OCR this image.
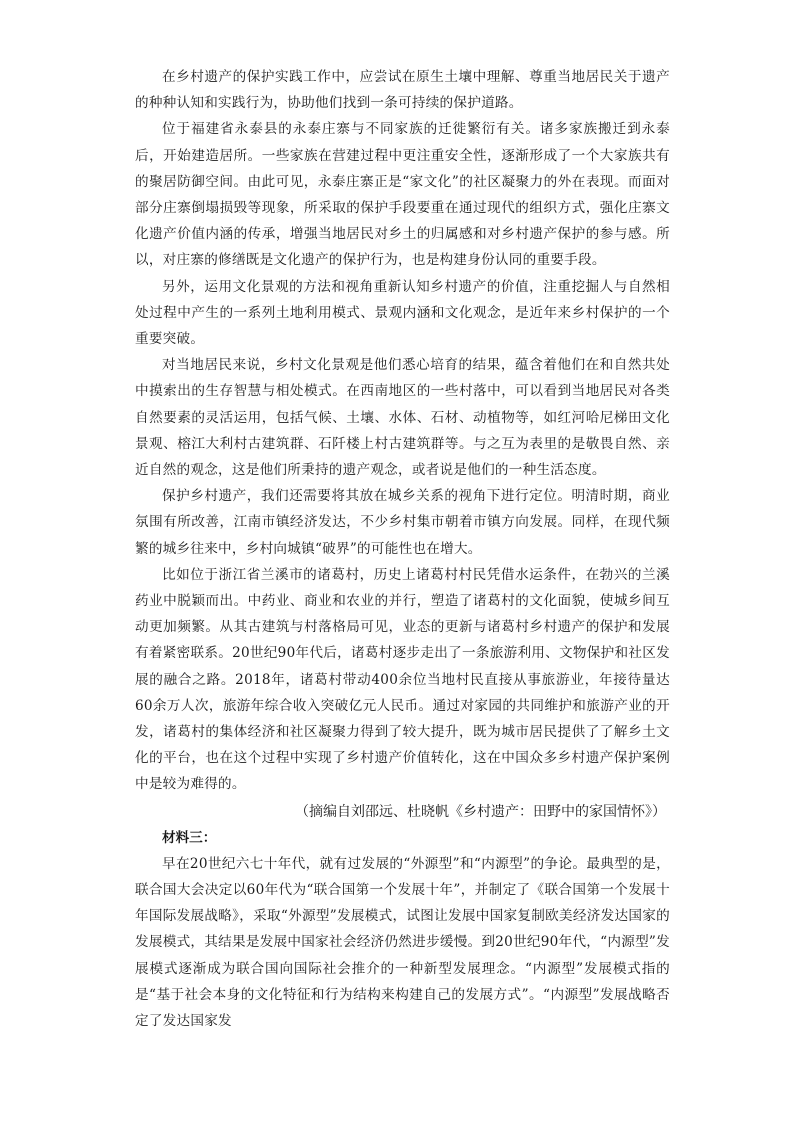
在乡村遗产的保护实践工作中，应尝试在原生土壤中理解、尊重当地居民关于遗产的种种认知和实践行为，协助他们找到一条可持续的保护道路。

位于福建省永泰县的永泰庄寨与不同家族的迁徙繁衍有关。诸多家族搬迁到永泰后，开始建造居所。一些家族在营建过程中更注重安全性，逐渐形成了一个大家族共有的聚居防御空间。由此可见，永泰庄寨正是“家文化”的社区凝聚力的外在表现。而面对部分庄寨倒塌损毁等现象，所采取的保护手段要重在通过现代的组织方式，强化庄寨文化遗产价值内涵的传承，增强当地居民对乡土的归属感和对乡村遗产保护的参与感。所以，对庄寨的修缮既是文化遗产的保护行为，也是构建身份认同的重要手段。

另外，运用文化景观的方法和视角重新认知乡村遗产的价值，注重挖掘人与自然相处过程中产生的一系列土地利用模式、景观内涵和文化观念，是近年来乡村保护的一个重要突破。

对当地居民来说，乡村文化景观是他们悉心培育的结果，蕴含着他们在和自然共处中摸索出的生存智慧与相处模式。在西南地区的一些村落中，可以看到当地居民对各类自然要素的灵活运用，包括气候、土壤、水体、石材、动植物等，如红河哈尼梯田文化景观、榕江大利村古建筑群、石阡楼上村古建筑群等。与之互为表里的是敬畏自然、亲近自然的观念，这是他们所秉持的遗产观念，或者说是他们的一种生活态度。

保护乡村遗产，我们还需要将其放在城乡关系的视角下进行定位。明清时期，商业氛围有所改善，江南市镇经济发达，不少乡村集市朝着市镇方向发展。同样，在现代频繁的城乡往来中，乡村向城镇“破界”的可能性也在增大。

比如位于浙江省兰溪市的诸葛村，历史上诸葛村村民凭借水运条件，在勃兴的兰溪药业中脱颖而出。中药业、商业和农业的并行，塑造了诸葛村的文化面貌，使城乡间互动更加频繁。从其古建筑与村落格局可见，业态的更新与诸葛村乡村遗产的保护和发展有着紧密联系。20世纪90年代后，诸葛村逐步走出了一条旅游利用、文物保护和社区发展的融合之路。2018年，诸葛村带动400余位当地村民直接从事旅游业，年接待量达60余万人次，旅游年综合收入突破亿元人民币。通过对家园的共同维护和旅游产业的开发，诸葛村的集体经济和社区凝聚力得到了较大提升，既为城市居民提供了了解乡土文化的平台，也在这个过程中实现了乡村遗产价值转化，这在中国众多乡村遗产保护案例中是较为难得的。

（摘编自刘邵远、杜晓帆《乡村遗产：田野中的家国情怀》）

材料三：

早在20世纪六七十年代，就有过发展的“外源型”和“内源型”的争论。最典型的是，联合国大会决定以60年代为“联合国第一个发展十年”，并制定了《联合国第一个发展十年国际发展战略》，采取“外源型”发展模式，试图让发展中国家复制欧美经济发达国家的发展模式，其结果是发展中国家社会经济仍然进步缓慢。到20世纪90年代，“内源型”发展模式逐渐成为联合国向国际社会推介的一种新型发展理念。“内源型”发展模式指的是“基于社会本身的文化特征和行为结构来构建自己的发展方式”。“内源型”发展战略否定了发达国家发
